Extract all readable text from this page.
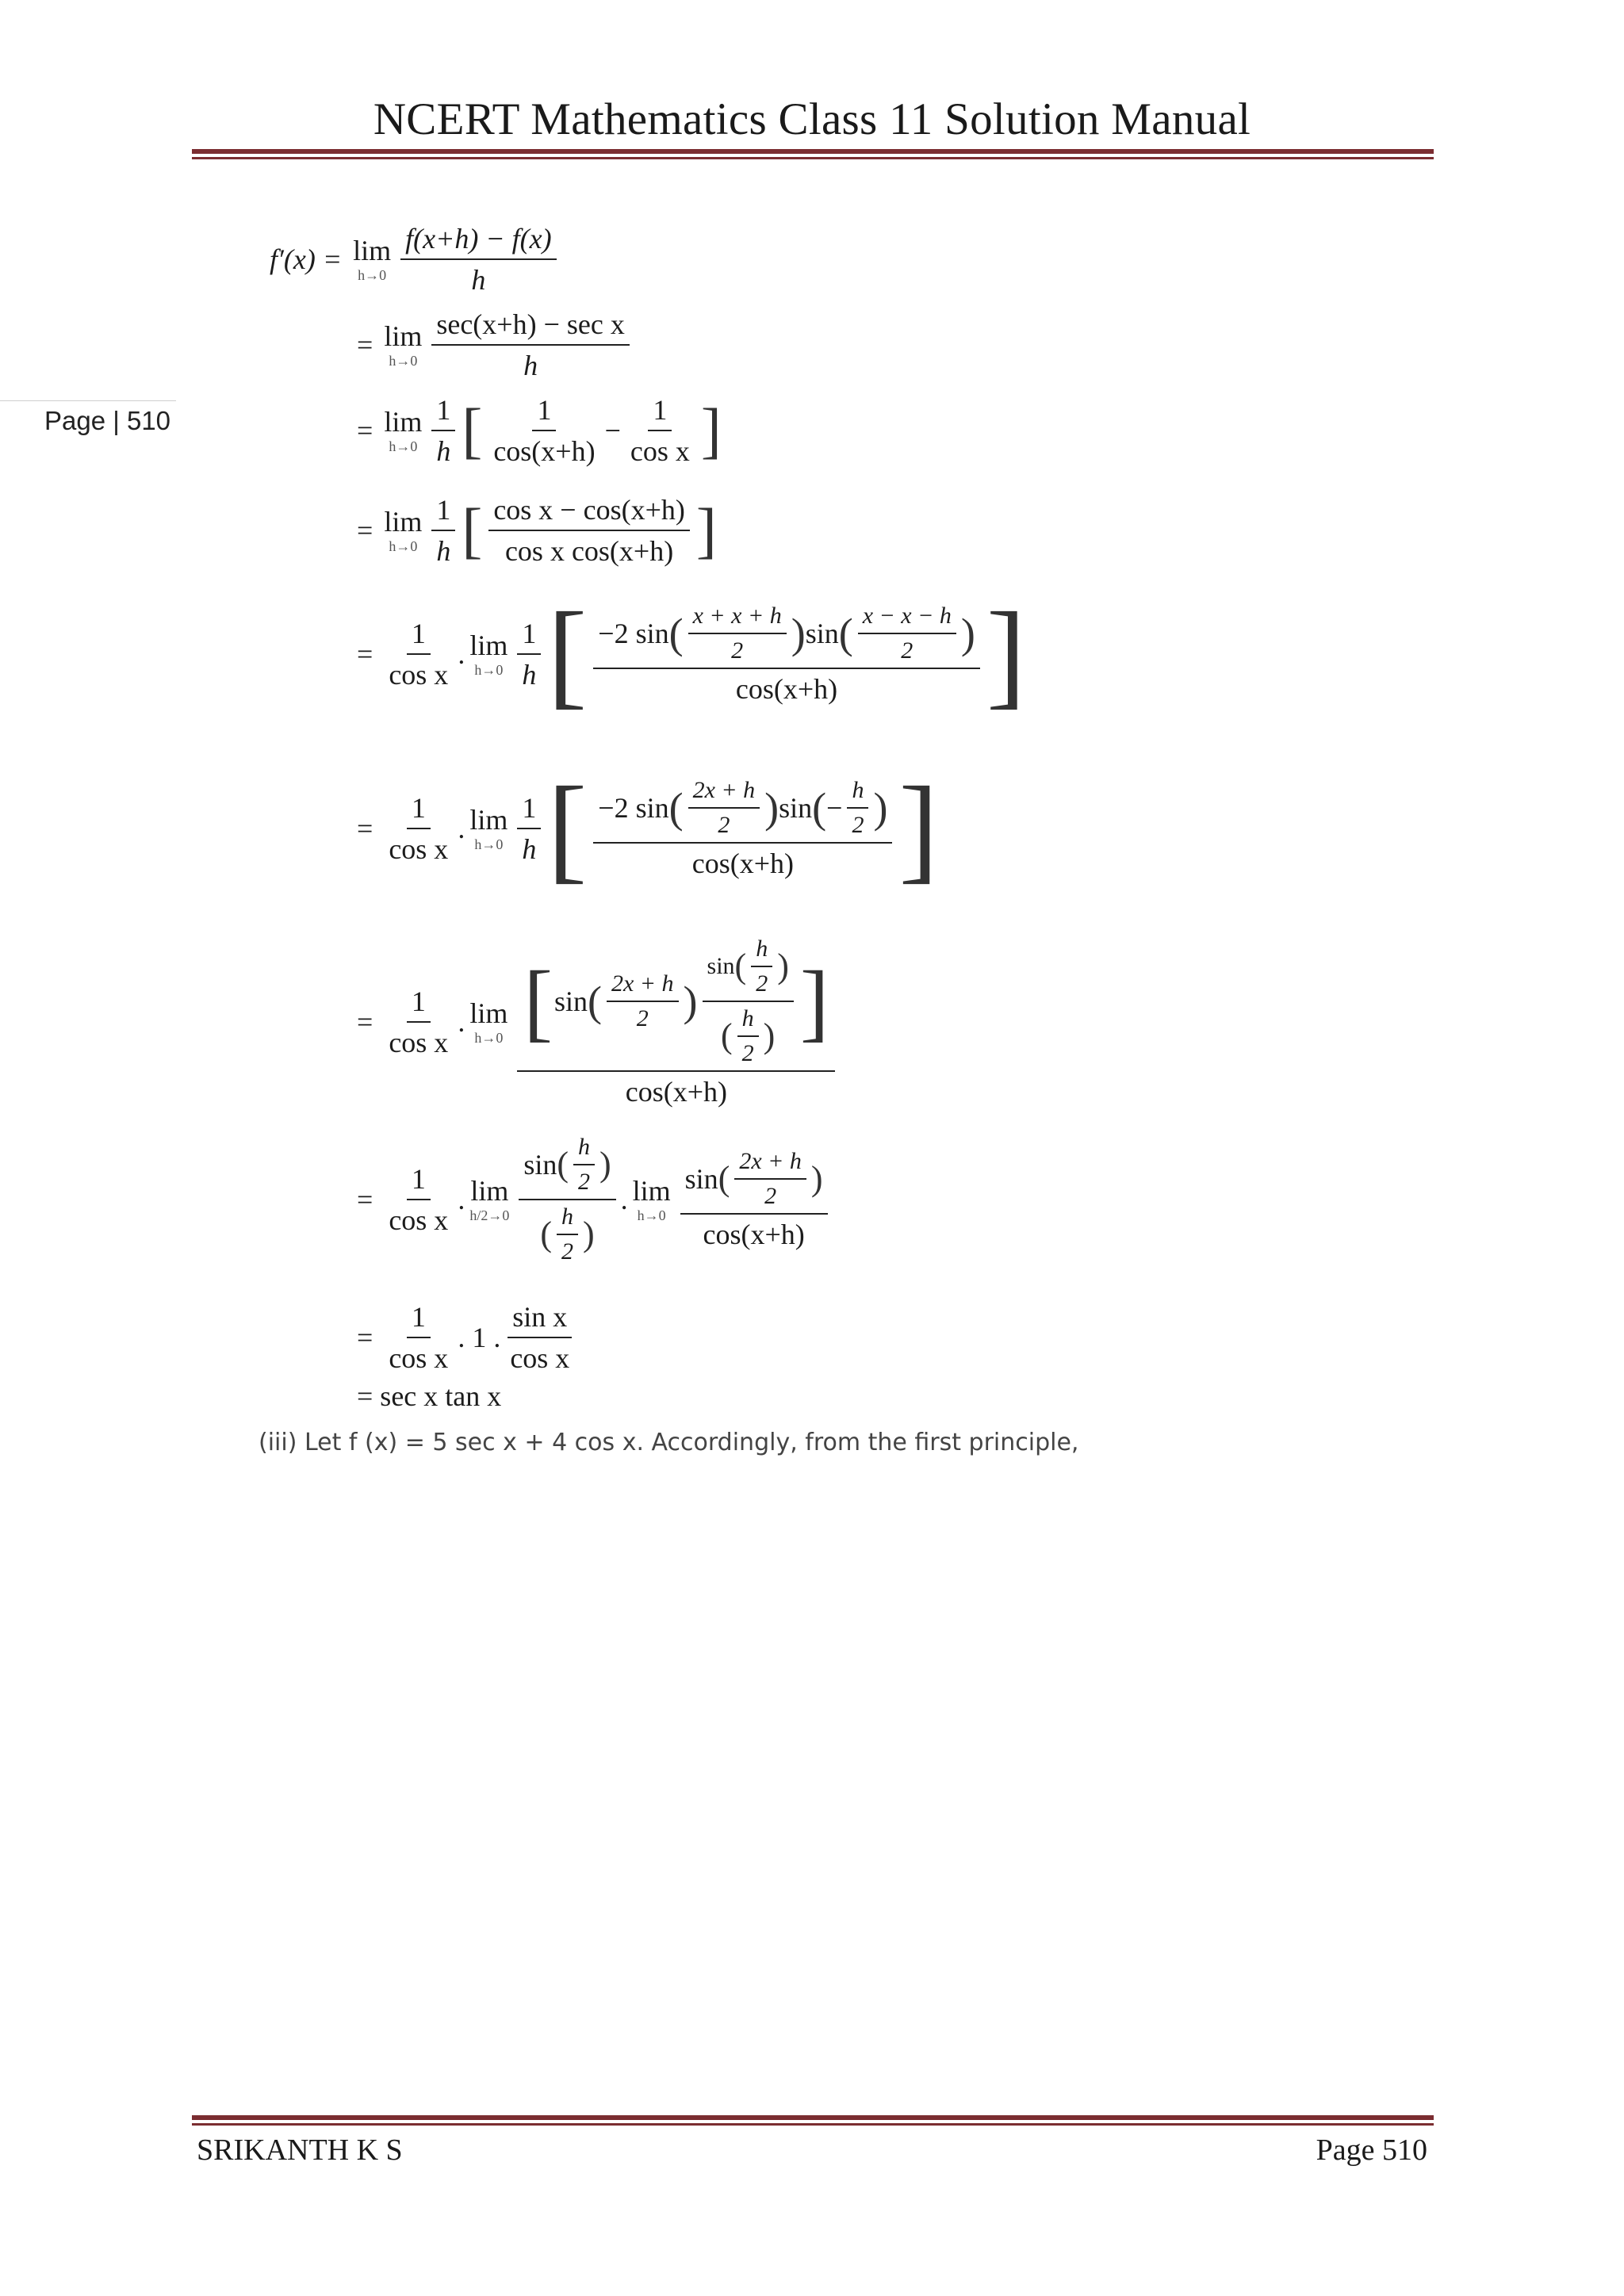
NCERT Mathematics Class 11 Solution Manual
Page | 510
f′(x) = lim
$h\to 0 \frac{f(x+h) - f(x)}{h}$
= lim
$h\to 0 \frac{\text{sec(x+h) − sec x}}{h}$
= lim
$h\to 0 \frac{1}{h}$ [ $\frac{1}{\cos(x+h)} - \frac{1}{\text{cos x}}$ ]
= lim
$h\to 0 \frac{1}{h}$ [ $\frac{\text{cos x − cos(x+h)}}{\text{cos x cos(x+h)}}$ ]
= $\frac{1}{\text{cos x}}$ . lim
$h\to 0 \frac{1}{h}$ [ −2 sin ( $\frac{x + x + h}{2}$ ) sin ( $\frac{x - x - h}{2}$ )
cos(x+h) ]
= $\frac{1}{\text{cos x}}$ . lim
$h\to 0 \frac{1}{h}$ [ −2 sin ( $\frac{2x + h}{2}$ ) sin ( − $\frac{h}{2}$ )
cos(x+h) ]
= $\frac{1}{\text{cos x}}$ . lim
h→0 [ sin ( $\frac{2x + h}{2}$ )
sin ( $\frac{h}{2}$ )
( $\frac{h}{2}$ ) ]
cos(x+h)
= $\frac{1}{\text{cos x}}$ . lim
h/2→0
sin ( $\frac{h}{2}$ )
( $\frac{h}{2}$ )
. lim
h→0
sin ( $\frac{2x + h}{2}$ )
cos(x+h)
= $\frac{1}{\text{cos x}}$ . 1 . $\frac{\text{sin x}}{\text{cos x}}$
= sec x tan x
(iii) Let f (x) = 5 sec x + 4 cos x. Accordingly, from the first principle,
SRIKANTH K S	Page 510
